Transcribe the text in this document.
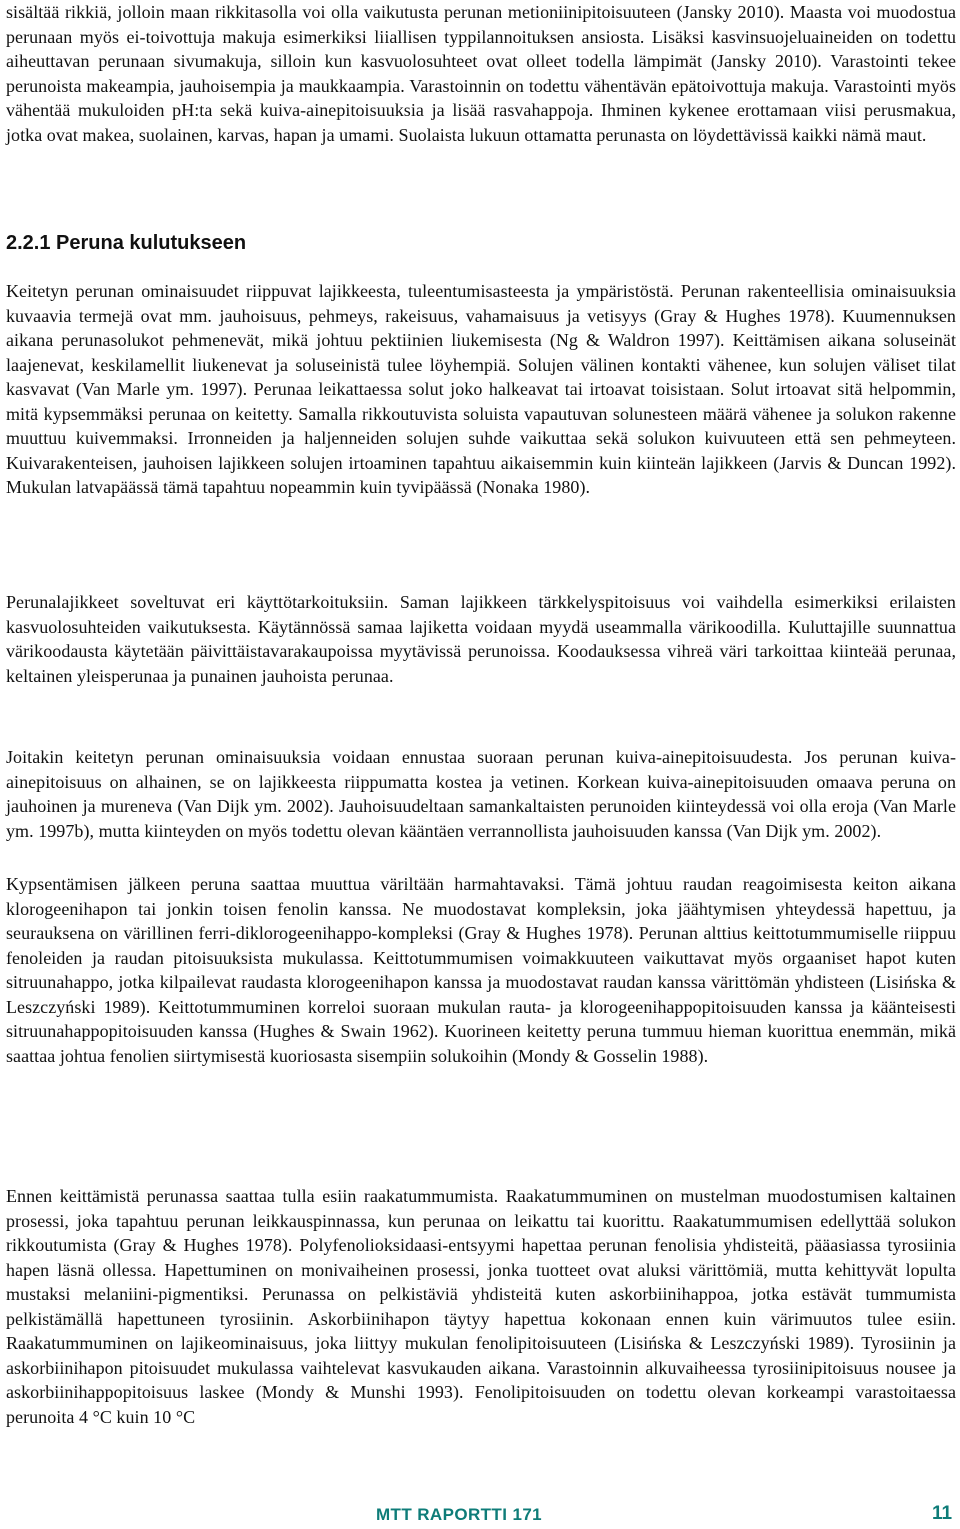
sisältää rikkiä, jolloin maan rikkitasolla voi olla vaikutusta perunan metioniinipitoisuuteen (Jansky 2010). Maasta voi muodostua perunaan myös ei-toivottuja makuja esimerkiksi liiallisen typpilannoituksen ansiosta. Lisäksi kasvinsuojeluaineiden on todettu aiheuttavan perunaan sivumakuja, silloin kun kasvuolosuhteet ovat olleet todella lämpimät (Jansky 2010). Varastointi tekee perunoista makeampia, jauhoisempia ja maukkaampia. Varastoinnin on todettu vähentävän epätoivottuja makuja. Varastointi myös vähentää mukuloiden pH:ta sekä kuiva-ainepitoisuuksia ja lisää rasvahappoja. Ihminen kykenee erottamaan viisi perusmakua, jotka ovat makea, suolainen, karvas, hapan ja umami. Suolaista lukuun ottamatta perunasta on löydettävissä kaikki nämä maut.

2.2.1 Peruna kulutukseen

Keitetyn perunan ominaisuudet riippuvat lajikkeesta, tuleentumisasteesta ja ympäristöstä. Perunan rakenteellisia ominaisuuksia kuvaavia termejä ovat mm. jauhoisuus, pehmeys, rakeisuus, vahamaisuus ja vetisyys (Gray & Hughes 1978). Kuumennuksen aikana perunasolukot pehmenevät, mikä johtuu pektiinien liukemisesta (Ng & Waldron 1997). Keittämisen aikana soluseinät laajenevat, keskilamellit liukenevat ja soluseinistä tulee löyhempiä. Solujen välinen kontakti vähenee, kun solujen väliset tilat kasvavat (Van Marle ym. 1997). Perunaa leikattaessa solut joko halkeavat tai irtoavat toisistaan. Solut irtoavat sitä helpommin, mitä kypsemmäksi perunaa on keitetty. Samalla rikkoutuvista soluista vapautuvan solunesteen määrä vähenee ja solukon rakenne muuttuu kuivemmaksi. Irronneiden ja haljenneiden solujen suhde vaikuttaa sekä solukon kuivuuteen että sen pehmeyteen. Kuivarakenteisen, jauhoisen lajikkeen solujen irtoaminen tapahtuu aikaisemmin kuin kiinteän lajikkeen (Jarvis & Duncan 1992). Mukulan latvapäässä tämä tapahtuu nopeammin kuin tyvipäässä (Nonaka 1980).

Perunalajikkeet soveltuvat eri käyttötarkoituksiin. Saman lajikkeen tärkkelyspitoisuus voi vaihdella esimerkiksi erilaisten kasvuolosuhteiden vaikutuksesta. Käytännössä samaa lajiketta voidaan myydä useammalla värikoodilla. Kuluttajille suunnattua värikoodausta käytetään päivittäistavarakaupoissa myytävissä perunoissa. Koodauksessa vihreä väri tarkoittaa kiinteää perunaa, keltainen yleisperunaa ja punainen jauhoista perunaa.

Joitakin keitetyn perunan ominaisuuksia voidaan ennustaa suoraan perunan kuiva-ainepitoisuudesta. Jos perunan kuiva-ainepitoisuus on alhainen, se on lajikkeesta riippumatta kostea ja vetinen. Korkean kuiva-ainepitoisuuden omaava peruna on jauhoinen ja mureneva (Van Dijk ym. 2002). Jauhoisuudeltaan samankaltaisten perunoiden kiinteydessä voi olla eroja (Van Marle ym. 1997b), mutta kiinteyden on myös todettu olevan kääntäen verrannollista jauhoisuuden kanssa (Van Dijk ym. 2002).

Kypsentämisen jälkeen peruna saattaa muuttua väriltään harmahtavaksi. Tämä johtuu raudan reagoimisesta keiton aikana klorogeenihapon tai jonkin toisen fenolin kanssa. Ne muodostavat kompleksin, joka jäähtymisen yhteydessä hapettuu, ja seurauksena on värillinen ferri-diklorogeenihappo-kompleksi (Gray & Hughes 1978). Perunan alttius keittotummumiselle riippuu fenoleiden ja raudan pitoisuuksista mukulassa. Keittotummumisen voimakkuuteen vaikuttavat myös orgaaniset hapot kuten sitruunahappo, jotka kilpailevat raudasta klorogeenihapon kanssa ja muodostavat raudan kanssa värittömän yhdisteen (Lisińska & Leszczyński 1989). Keittotummuminen korreloi suoraan mukulan rauta- ja klorogeenihappopitoisuuden kanssa ja käänteisesti sitruunahappopitoisuuden kanssa (Hughes & Swain 1962). Kuorineen keitetty peruna tummuu hieman kuorittua enemmän, mikä saattaa johtua fenolien siirtymisestä kuoriosasta sisempiin solukoihin (Mondy & Gosselin 1988).

Ennen keittämistä perunassa saattaa tulla esiin raakatummumista. Raakatummuminen on mustelman muodostumisen kaltainen prosessi, joka tapahtuu perunan leikkauspinnassa, kun perunaa on leikattu tai kuorittu. Raakatummumisen edellyttää solukon rikkoutumista (Gray & Hughes 1978). Polyfenolioksidaasi-entsyymi hapettaa perunan fenolisia yhdisteitä, pääasiassa tyrosiinia hapen läsnä ollessa. Hapettuminen on monivaiheinen prosessi, jonka tuotteet ovat aluksi värittömiä, mutta kehittyvät lopulta mustaksi melaniini-pigmentiksi. Perunassa on pelkistäviä yhdisteitä kuten askorbiinihappoa, jotka estävät tummumista pelkistämällä hapettuneen tyrosiinin. Askorbiinihapon täytyy hapettua kokonaan ennen kuin värimuutos tulee esiin. Raakatummuminen on lajikeominaisuus, joka liittyy mukulan fenolipitoisuuteen (Lisińska & Leszczyński 1989). Tyrosiinin ja askorbiinihapon pitoisuudet mukulassa vaihtelevat kasvukauden aikana. Varastoinnin alkuvaiheessa tyrosiinipitoisuus nousee ja askorbiinihappopitoisuus laskee (Mondy & Munshi 1993). Fenolipitoisuuden on todettu olevan korkeampi varastoitaessa perunoita 4 °C kuin 10 °C

MTT RAPORTTI 171	11
